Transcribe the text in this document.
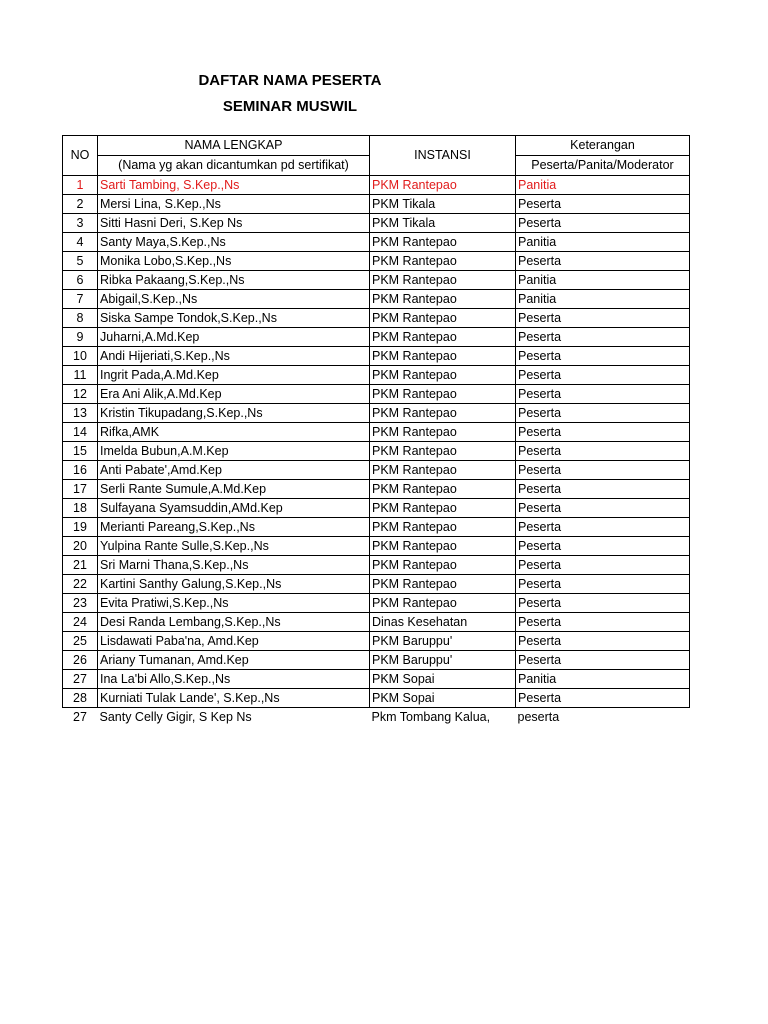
DAFTAR NAMA PESERTA
SEMINAR MUSWIL
NO	NAMA LENGKAP	INSTANSI	Keterangan
	(Nama yg akan dicantumkan pd sertifikat)		Peserta/Panita/Moderator
1	Sarti Tambing, S.Kep.,Ns	PKM Rantepao	Panitia
2	Mersi Lina, S.Kep.,Ns	PKM Tikala	Peserta
3	Sitti Hasni Deri, S.Kep Ns	PKM Tikala	Peserta
4	Santy Maya,S.Kep.,Ns	PKM Rantepao	Panitia
5	Monika Lobo,S.Kep.,Ns	PKM Rantepao	Peserta
6	Ribka Pakaang,S.Kep.,Ns	PKM Rantepao	Panitia
7	Abigail,S.Kep.,Ns	PKM Rantepao	Panitia
8	Siska Sampe Tondok,S.Kep.,Ns	PKM Rantepao	Peserta
9	Juharni,A.Md.Kep	PKM Rantepao	Peserta
10	Andi Hijeriati,S.Kep.,Ns	PKM Rantepao	Peserta
11	Ingrit Pada,A.Md.Kep	PKM Rantepao	Peserta
12	Era Ani Alik,A.Md.Kep	PKM Rantepao	Peserta
13	Kristin Tikupadang,S.Kep.,Ns	PKM Rantepao	Peserta
14	Rifka,AMK	PKM Rantepao	Peserta
15	Imelda Bubun,A.M.Kep	PKM Rantepao	Peserta
16	Anti Pabate',Amd.Kep	PKM Rantepao	Peserta
17	Serli Rante Sumule,A.Md.Kep	PKM Rantepao	Peserta
18	Sulfayana Syamsuddin,AMd.Kep	PKM Rantepao	Peserta
19	Merianti Pareang,S.Kep.,Ns	PKM Rantepao	Peserta
20	Yulpina Rante Sulle,S.Kep.,Ns	PKM Rantepao	Peserta
21	Sri Marni Thana,S.Kep.,Ns	PKM Rantepao	Peserta
22	Kartini Santhy Galung,S.Kep.,Ns	PKM Rantepao	Peserta
23	Evita Pratiwi,S.Kep.,Ns	PKM Rantepao	Peserta
24	Desi Randa Lembang,S.Kep.,Ns	Dinas Kesehatan	Peserta
25	Lisdawati Paba'na, Amd.Kep	PKM Baruppu'	Peserta
26	Ariany Tumanan, Amd.Kep	PKM Baruppu'	Peserta
27	Ina La'bi Allo,S.Kep.,Ns	PKM Sopai	Panitia
28	Kurniati Tulak Lande', S.Kep.,Ns	PKM Sopai	Peserta
27	Santy Celly Gigir, S Kep Ns	Pkm Tombang Kalua,	peserta
